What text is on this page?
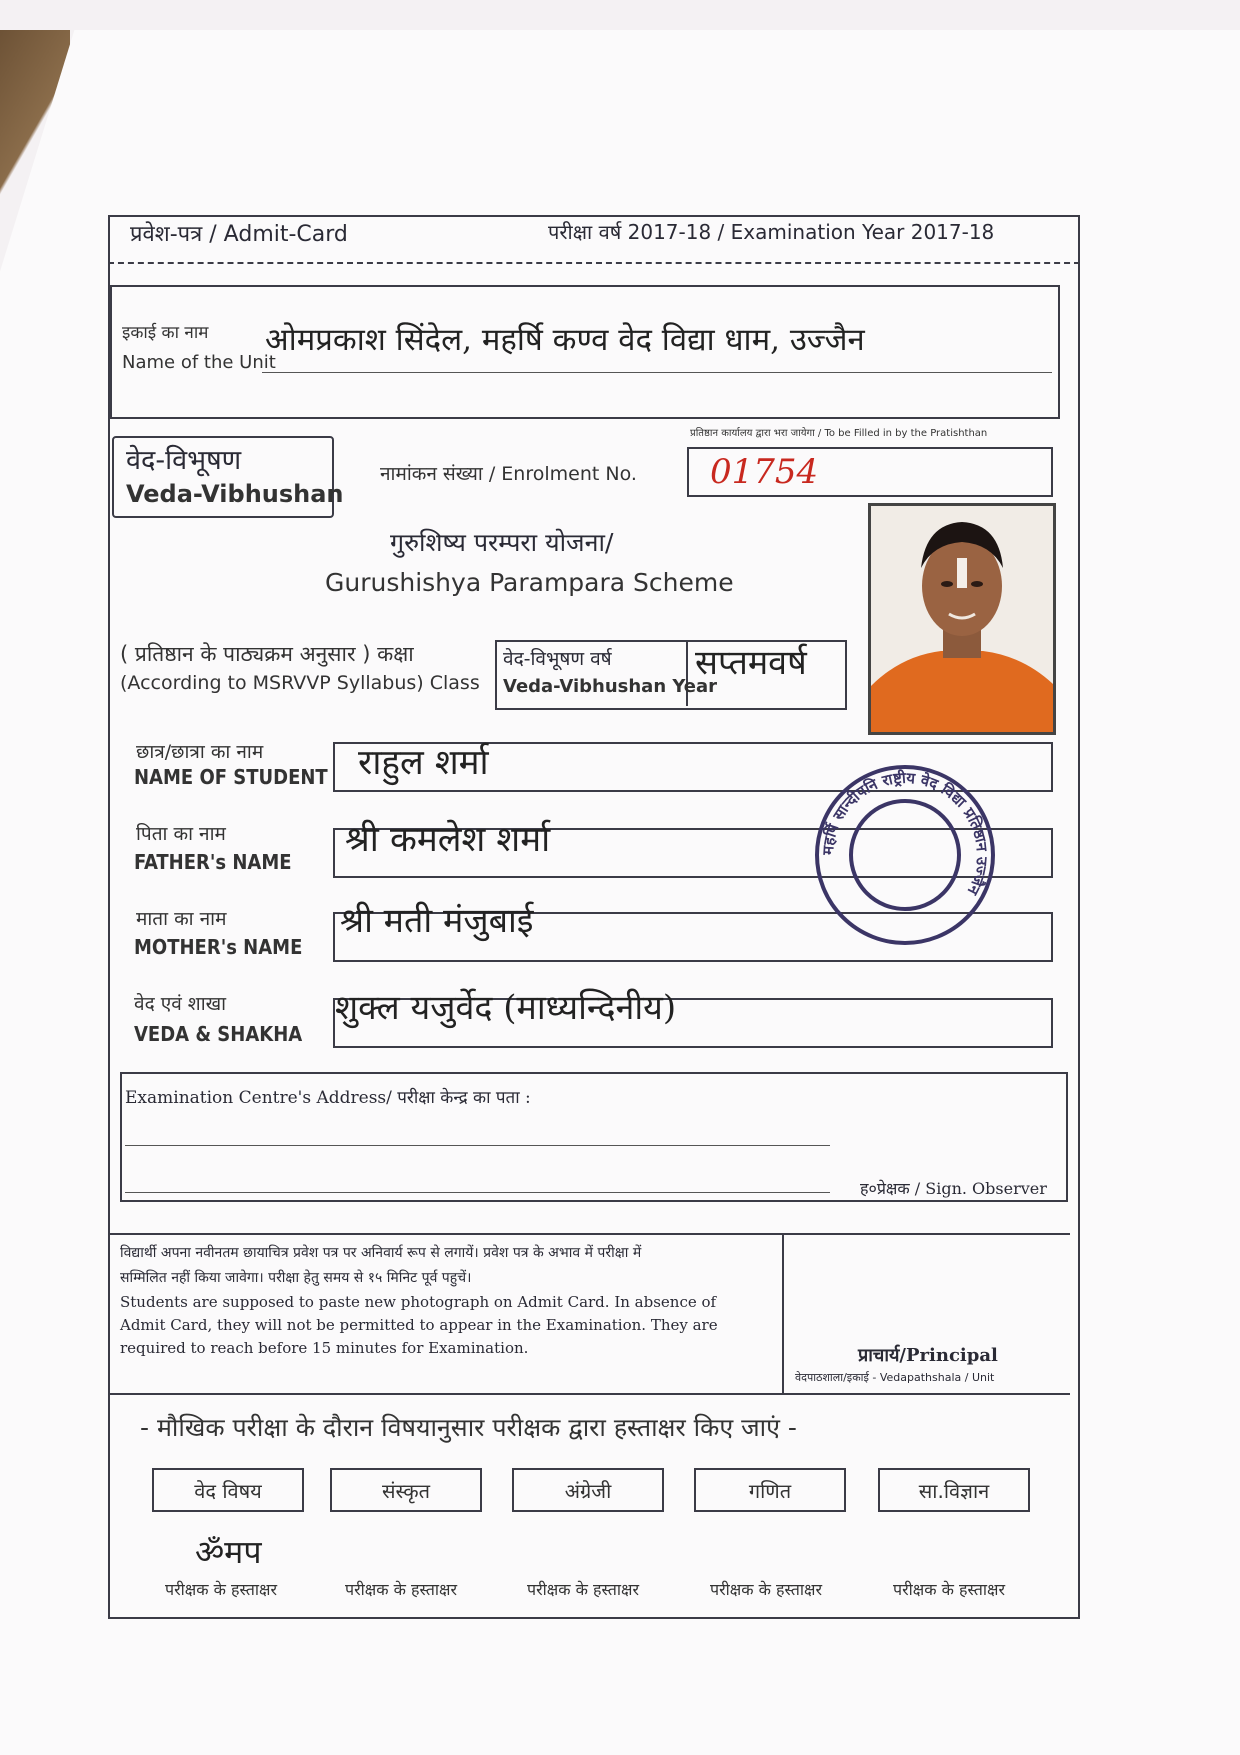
प्रवेश-पत्र / Admit-Card	परीक्षा वर्ष 2017-18 / Examination Year 2017-18
इकाई का नाम
Name of the Unit
ओमप्रकाश सिंदेल, महर्षि कण्व वेद विद्या धाम, उज्जैन
प्रतिष्ठान कार्यालय द्वारा भरा जायेगा / To be Filled in by the Pratishthan
वेद-विभूषण
Veda-Vibhushan
नामांकन संख्या / Enrolment No. 01754
गुरुशिष्य परम्परा योजना/
Gurushishya Parampara Scheme
( प्रतिष्ठान के पाठ्यक्रम अनुसार ) कक्षा
(According to MSRVVP Syllabus) Class
वेद-विभूषण वर्ष
Veda-Vibhushan Year
सप्तमवर्ष
छात्र/छात्रा का नाम
NAME OF STUDENT राहुल शर्मा
पिता का नाम
FATHER's NAME
श्री कमलेश शर्मा
माता का नाम
MOTHER's NAME
श्री मती मंजुबाई
महर्षि सान्दीपनि राष्ट्रीय वेद विद्या प्रतिष्ठान उज्जैन
वेद एवं शाखा
VEDA & SHAKHA
शुक्ल यजुर्वेद (माध्यन्दिनीय)
Examination Centre's Address/ परीक्षा केन्द्र का पता :
ह०प्रेक्षक / Sign. Observer
विद्यार्थी अपना नवीनतम छायाचित्र प्रवेश पत्र पर अनिवार्य रूप से लगायें। प्रवेश पत्र के अभाव में परीक्षा में
सम्मिलित नहीं किया जावेगा। परीक्षा हेतु समय से १५ मिनिट पूर्व पहुचें।
Students are supposed to paste new photograph on Admit Card. In absence of
Admit Card, they will not be permitted to appear in the Examination. They are
required to reach before 15 minutes for Examination.	प्राचार्य/Principal
वेदपाठशाला/इकाई - Vedapathshala / Unit
- मौखिक परीक्षा के दौरान विषयानुसार परीक्षक द्वारा हस्ताक्षर किए जाएं -
वेद विषय	संस्कृत	अंग्रेजी	गणित	सा.विज्ञान
ॐमप
परीक्षक के हस्ताक्षर	परीक्षक के हस्ताक्षर	परीक्षक के हस्ताक्षर	परीक्षक के हस्ताक्षर	परीक्षक के हस्ताक्षर
